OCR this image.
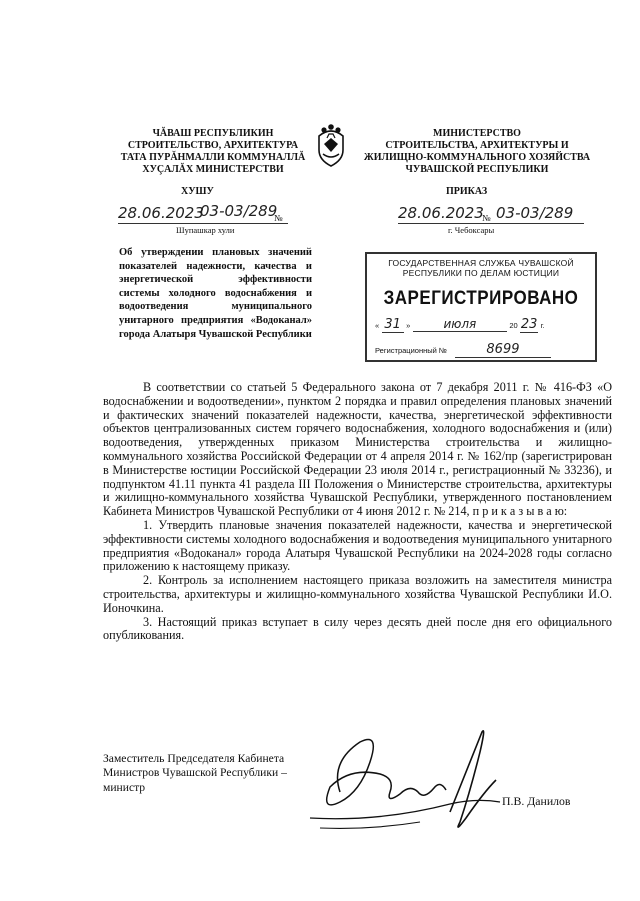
ЧĂВАШ РЕСПУБЛИКИН
СТРОИТЕЛЬСТВО, АРХИТЕКТУРА
ТАТА ПУРĂНМАЛЛИ КОММУНАЛЛĂ
ХУÇАЛĂХ МИНИСТЕРСТВИ
МИНИСТЕРСТВО
СТРОИТЕЛЬСТВА, АРХИТЕКТУРЫ И
ЖИЛИЩНО-КОММУНАЛЬНОГО ХОЗЯЙСТВА
ЧУВАШСКОЙ РЕСПУБЛИКИ
ХУШУ
28.06.2023
03-03/289
№
Шупашкар хули
ПРИКАЗ
28.06.2023
№ 03-03/289
г. Чебоксары
Об утверждении плановых значений показателей надежности, качества и энергетической эффективности системы холодного водоснабжения и водоотведения муниципального унитарного предприятия «Водоканал» города Алатыря Чувашской Республики
ГОСУДАРСТВЕННАЯ СЛУЖБА ЧУВАШСКОЙ
РЕСПУБЛИКИ ПО ДЕЛАМ ЮСТИЦИИ
ЗАРЕГИСТРИРОВАНО
« 31 »	июля	20 23 г.
Регистрационный №	8699

В соответствии со статьей 5 Федерального закона от 7 декабря 2011 г. № 416-ФЗ «О водоснабжении и водоотведении», пунктом 2 порядка и правил определения плановых значений и фактических значений показателей надежности, качества, энергетической эффективности объектов централизованных систем горячего водоснабжения, холодного водоснабжения и (или) водоотведения, утвержденных приказом Министерства строительства и жилищно-коммунального хозяйства Российской Федерации от 4 апреля 2014 г. № 162/пр (зарегистрирован в Министерстве юстиции Российской Федерации 23 июля 2014 г., регистрационный № 33236), и подпунктом 41.11 пункта 41 раздела III Положения о Министерстве строительства, архитектуры и жилищно-коммунального хозяйства Чувашской Республики, утвержденного постановлением Кабинета Министров Чувашской Республики от 4 июня 2012 г. № 214, п р и к а з ы в а ю:

1. Утвердить плановые значения показателей надежности, качества и энергетической эффективности системы холодного водоснабжения и водоотведения муниципального унитарного предприятия «Водоканал» города Алатыря Чувашской Республики на 2024-2028 годы согласно приложению к настоящему приказу.

2. Контроль за исполнением настоящего приказа возложить на заместителя министра строительства, архитектуры и жилищно-коммунального хозяйства Чувашской Республики И.О. Ионочкина.

3. Настоящий приказ вступает в силу через десять дней после дня его официального опубликования.

Заместитель Председателя Кабинета
Министров Чувашской Республики –
министр
П.В. Данилов
